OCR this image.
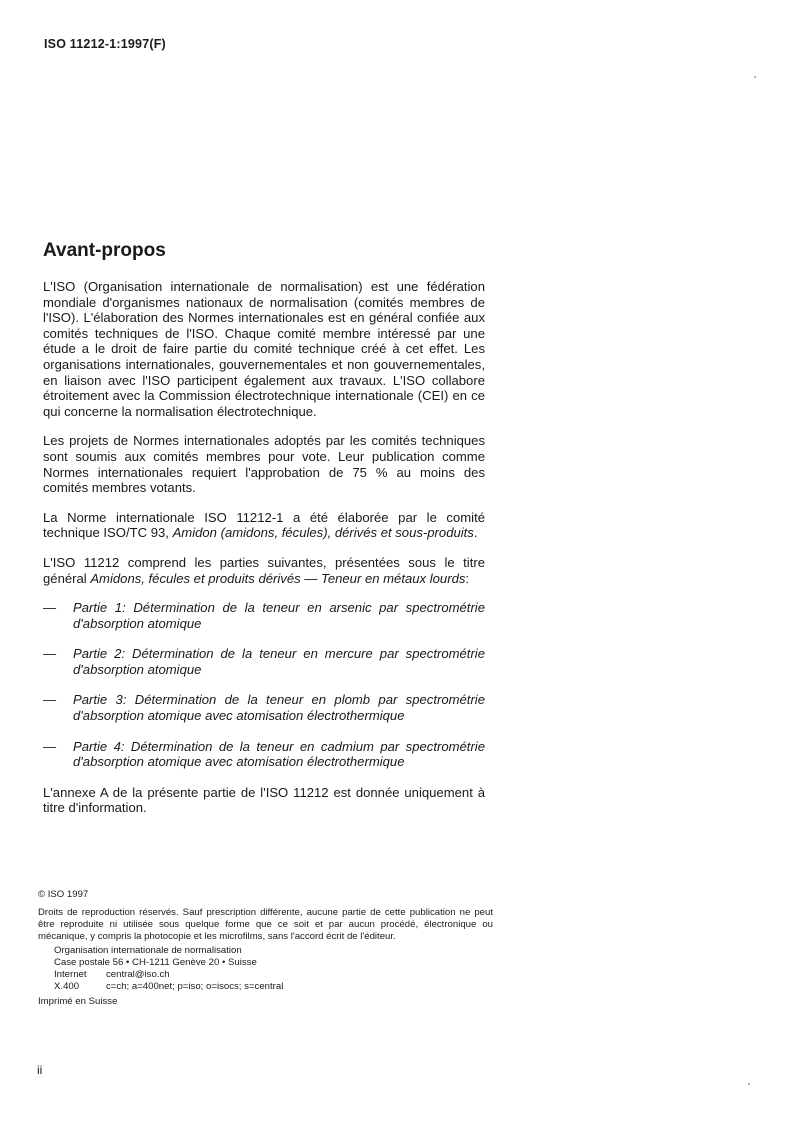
ISO 11212-1:1997(F)
Avant-propos

L'ISO (Organisation internationale de normalisation) est une fédération mondiale d'organismes nationaux de normalisation (comités membres de l'ISO). L'élaboration des Normes internationales est en général confiée aux comités techniques de l'ISO. Chaque comité membre intéressé par une étude a le droit de faire partie du comité technique créé à cet effet. Les organisations internationales, gouvernementales et non gouvernementales, en liaison avec l'ISO participent également aux travaux. L'ISO collabore étroitement avec la Commission électrotechnique internationale (CEI) en ce qui concerne la normalisation électrotechnique.

Les projets de Normes internationales adoptés par les comités techniques sont soumis aux comités membres pour vote. Leur publication comme Normes internationales requiert l'approbation de 75 % au moins des comités membres votants.

La Norme internationale ISO 11212-1 a été élaborée par le comité technique ISO/TC 93, Amidon (amidons, fécules), dérivés et sous-produits.

L'ISO 11212 comprend les parties suivantes, présentées sous le titre général Amidons, fécules et produits dérivés — Teneur en métaux lourds:

— Partie 1: Détermination de la teneur en arsenic par spectrométrie d'absorption atomique
— Partie 2: Détermination de la teneur en mercure par spectrométrie d'absorption atomique
— Partie 3: Détermination de la teneur en plomb par spectrométrie d'absorption atomique avec atomisation électrothermique
— Partie 4: Détermination de la teneur en cadmium par spectrométrie d'absorption atomique avec atomisation électrothermique

L'annexe A de la présente partie de l'ISO 11212 est donnée uniquement à titre d'information.

© ISO 1997
Droits de reproduction réservés. Sauf prescription différente, aucune partie de cette publication ne peut être reproduite ni utilisée sous quelque forme que ce soit et par aucun procédé, électronique ou mécanique, y compris la photocopie et les microfilms, sans l'accord écrit de l'éditeur.
Organisation internationale de normalisation
Case postale 56 • CH-1211 Genève 20 • Suisse
Internet	central@iso.ch
X.400	c=ch; a=400net; p=iso; o=isocs; s=central
Imprimé en Suisse
ii
